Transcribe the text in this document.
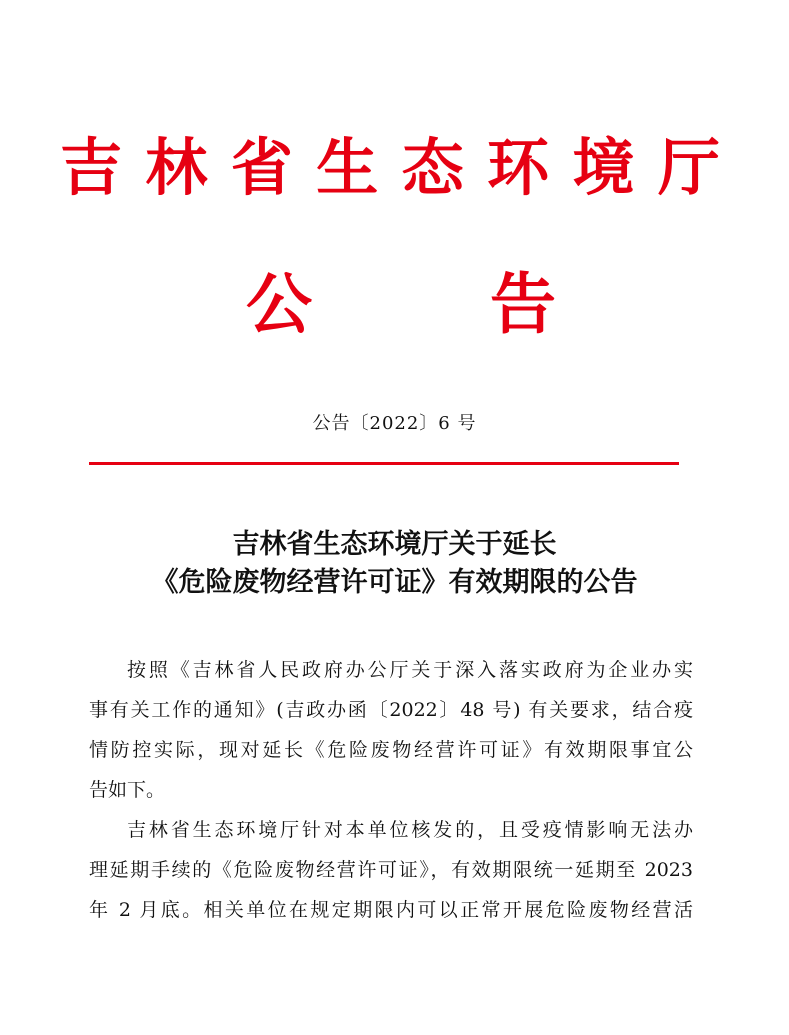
吉 林 省 生 态 环 境 厅
公	告
公告〔2022〕6 号
吉林省生态环境厅关于延长
《危险废物经营许可证》有效期限的公告
按照《吉林省人民政府办公厅关于深入落实政府为企业办实
事有关工作的通知》(吉政办函〔2022〕48 号) 有关要求，结合疫
情防控实际，现对延长《危险废物经营许可证》有效期限事宜公
告如下。
吉林省生态环境厅针对本单位核发的，且受疫情影响无法办
理延期手续的《危险废物经营许可证》，有效期限统一延期至 2023
年 2 月底。相关单位在规定期限内可以正常开展危险废物经营活
